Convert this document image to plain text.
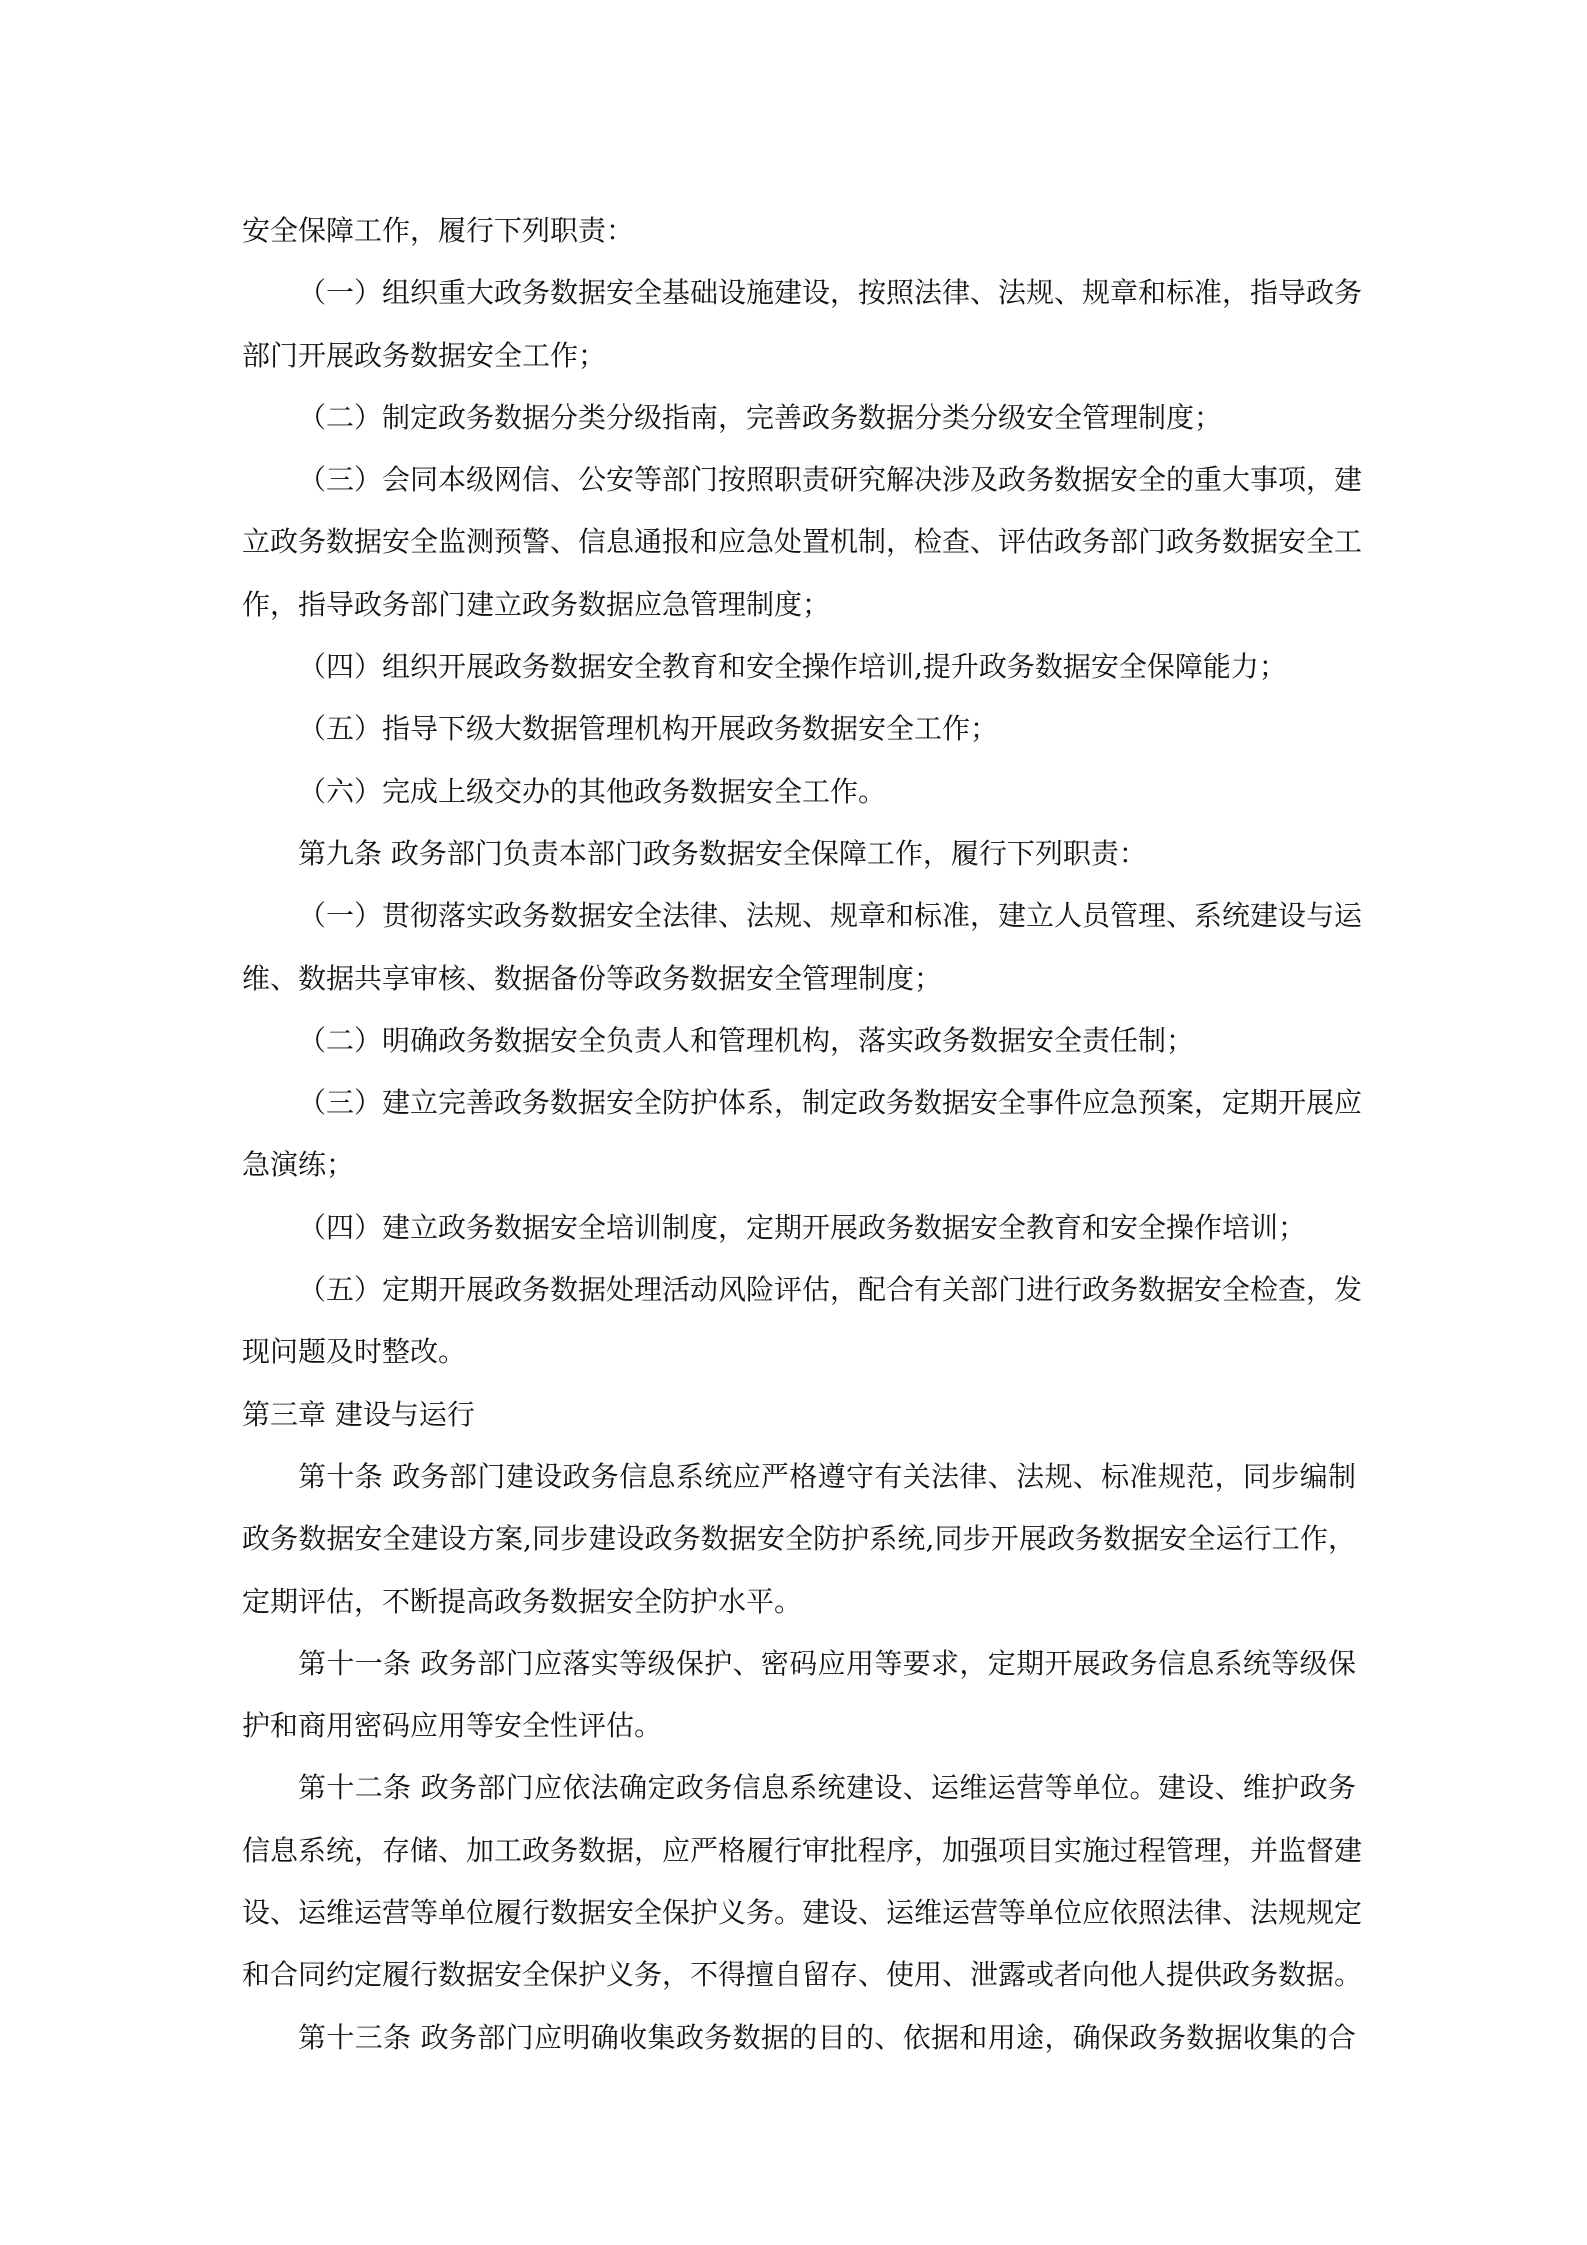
安全保障工作，履行下列职责：
（一）组织重大政务数据安全基础设施建设，按照法律、法规、规章和标准，指导政务
部门开展政务数据安全工作；
（二）制定政务数据分类分级指南，完善政务数据分类分级安全管理制度；
（三）会同本级网信、公安等部门按照职责研究解决涉及政务数据安全的重大事项，建
立政务数据安全监测预警、信息通报和应急处置机制，检查、评估政务部门政务数据安全工
作，指导政务部门建立政务数据应急管理制度；
（四）组织开展政务数据安全教育和安全操作培训,提升政务数据安全保障能力；
（五）指导下级大数据管理机构开展政务数据安全工作；
（六）完成上级交办的其他政务数据安全工作。
第九条 政务部门负责本部门政务数据安全保障工作，履行下列职责：
（一）贯彻落实政务数据安全法律、法规、规章和标准，建立人员管理、系统建设与运
维、数据共享审核、数据备份等政务数据安全管理制度；
（二）明确政务数据安全负责人和管理机构，落实政务数据安全责任制；
（三）建立完善政务数据安全防护体系，制定政务数据安全事件应急预案，定期开展应
急演练；
（四）建立政务数据安全培训制度，定期开展政务数据安全教育和安全操作培训；
（五）定期开展政务数据处理活动风险评估，配合有关部门进行政务数据安全检查，发
现问题及时整改。
第三章 建设与运行
第十条 政务部门建设政务信息系统应严格遵守有关法律、法规、标准规范，同步编制
政务数据安全建设方案,同步建设政务数据安全防护系统,同步开展政务数据安全运行工作，
定期评估，不断提高政务数据安全防护水平。
第十一条 政务部门应落实等级保护、密码应用等要求，定期开展政务信息系统等级保
护和商用密码应用等安全性评估。
第十二条 政务部门应依法确定政务信息系统建设、运维运营等单位。建设、维护政务
信息系统，存储、加工政务数据，应严格履行审批程序，加强项目实施过程管理，并监督建
设、运维运营等单位履行数据安全保护义务。建设、运维运营等单位应依照法律、法规规定
和合同约定履行数据安全保护义务，不得擅自留存、使用、泄露或者向他人提供政务数据。
第十三条 政务部门应明确收集政务数据的目的、依据和用途，确保政务数据收集的合
